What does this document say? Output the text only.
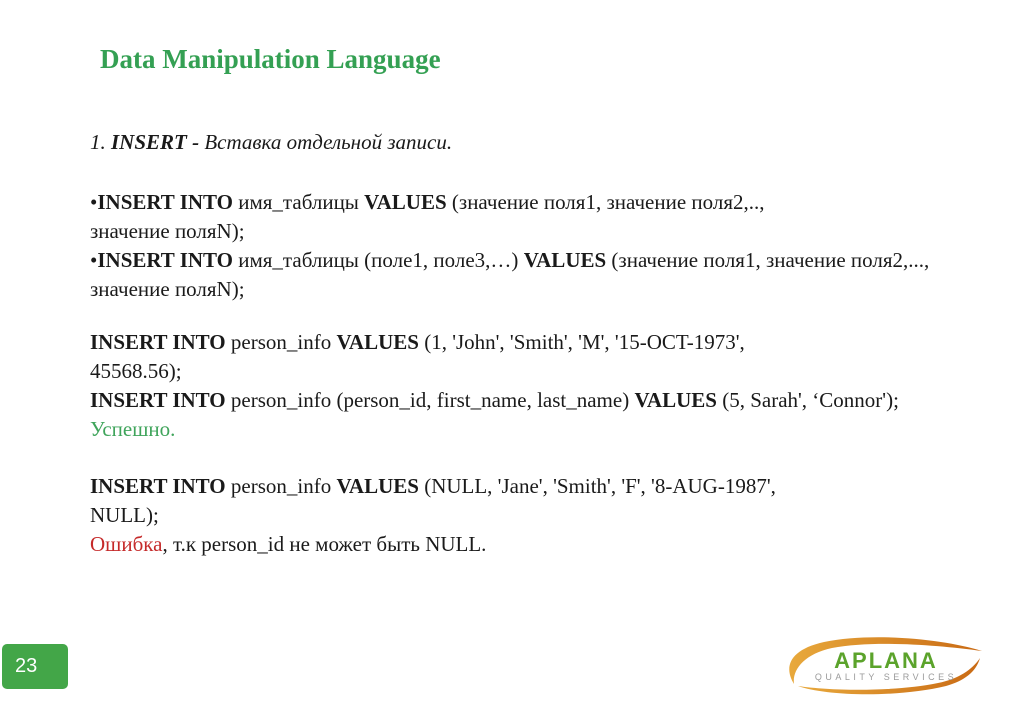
Data Manipulation Language
1. INSERT - Вставка отдельной записи.
•INSERT INTO имя_таблицы VALUES (значение поля1, значение поля2,..,
значение поляN);
•INSERT INTO имя_таблицы (поле1, поле3,…) VALUES (значение поля1, значение поля2,...,
значение поляN);
INSERT INTO person_info VALUES (1, 'John', 'Smith', 'M', '15-OCT-1973',
45568.56);
INSERT INTO person_info (person_id, first_name, last_name) VALUES (5, Sarah', ‘Connor');
Успешно.
INSERT INTO person_info VALUES (NULL, 'Jane', 'Smith', 'F', '8-AUG-1987',
NULL);
Ошибка, т.к person_id не может быть NULL.
23	APLANA
QUALITY SERVICES
